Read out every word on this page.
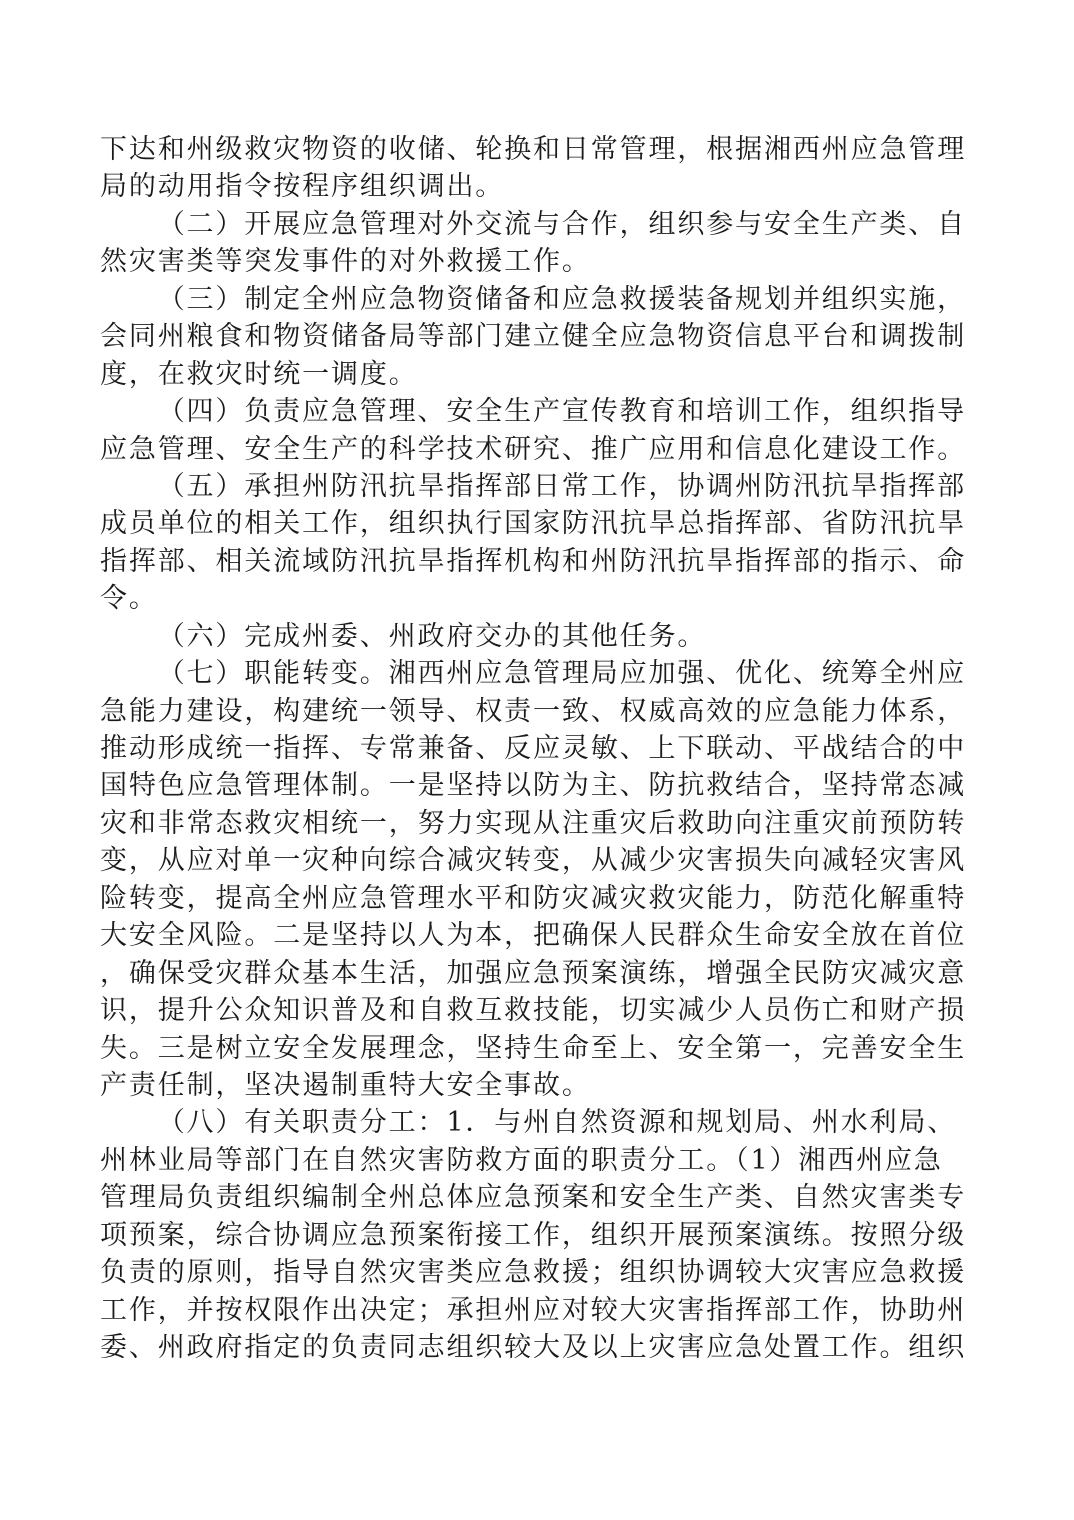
下达和州级救灾物资的收储、轮换和日常管理，根据湘西州应急管理
局的动用指令按程序组织调出。
（二）开展应急管理对外交流与合作，组织参与安全生产类、自
然灾害类等突发事件的对外救援工作。
（三）制定全州应急物资储备和应急救援装备规划并组织实施，
会同州粮食和物资储备局等部门建立健全应急物资信息平台和调拨制
度，在救灾时统一调度。
（四）负责应急管理、安全生产宣传教育和培训工作，组织指导
应急管理、安全生产的科学技术研究、推广应用和信息化建设工作。
（五）承担州防汛抗旱指挥部日常工作，协调州防汛抗旱指挥部
成员单位的相关工作，组织执行国家防汛抗旱总指挥部、省防汛抗旱
指挥部、相关流域防汛抗旱指挥机构和州防汛抗旱指挥部的指示、命
令。
（六）完成州委、州政府交办的其他任务。
（七）职能转变。湘西州应急管理局应加强、优化、统筹全州应
急能力建设，构建统一领导、权责一致、权威高效的应急能力体系，
推动形成统一指挥、专常兼备、反应灵敏、上下联动、平战结合的中
国特色应急管理体制。一是坚持以防为主、防抗救结合，坚持常态减
灾和非常态救灾相统一，努力实现从注重灾后救助向注重灾前预防转
变，从应对单一灾种向综合减灾转变，从减少灾害损失向减轻灾害风
险转变，提高全州应急管理水平和防灾减灾救灾能力，防范化解重特
大安全风险。二是坚持以人为本，把确保人民群众生命安全放在首位
，确保受灾群众基本生活，加强应急预案演练，增强全民防灾减灾意
识，提升公众知识普及和自救互救技能，切实减少人员伤亡和财产损
失。三是树立安全发展理念，坚持生命至上、安全第一，完善安全生
产责任制，坚决遏制重特大安全事故。
（八）有关职责分工：1．与州自然资源和规划局、州水利局、
州林业局等部门在自然灾害防救方面的职责分工。（1）湘西州应急
管理局负责组织编制全州总体应急预案和安全生产类、自然灾害类专
项预案，综合协调应急预案衔接工作，组织开展预案演练。按照分级
负责的原则，指导自然灾害类应急救援；组织协调较大灾害应急救援
工作，并按权限作出决定；承担州应对较大灾害指挥部工作，协助州
委、州政府指定的负责同志组织较大及以上灾害应急处置工作。组织
